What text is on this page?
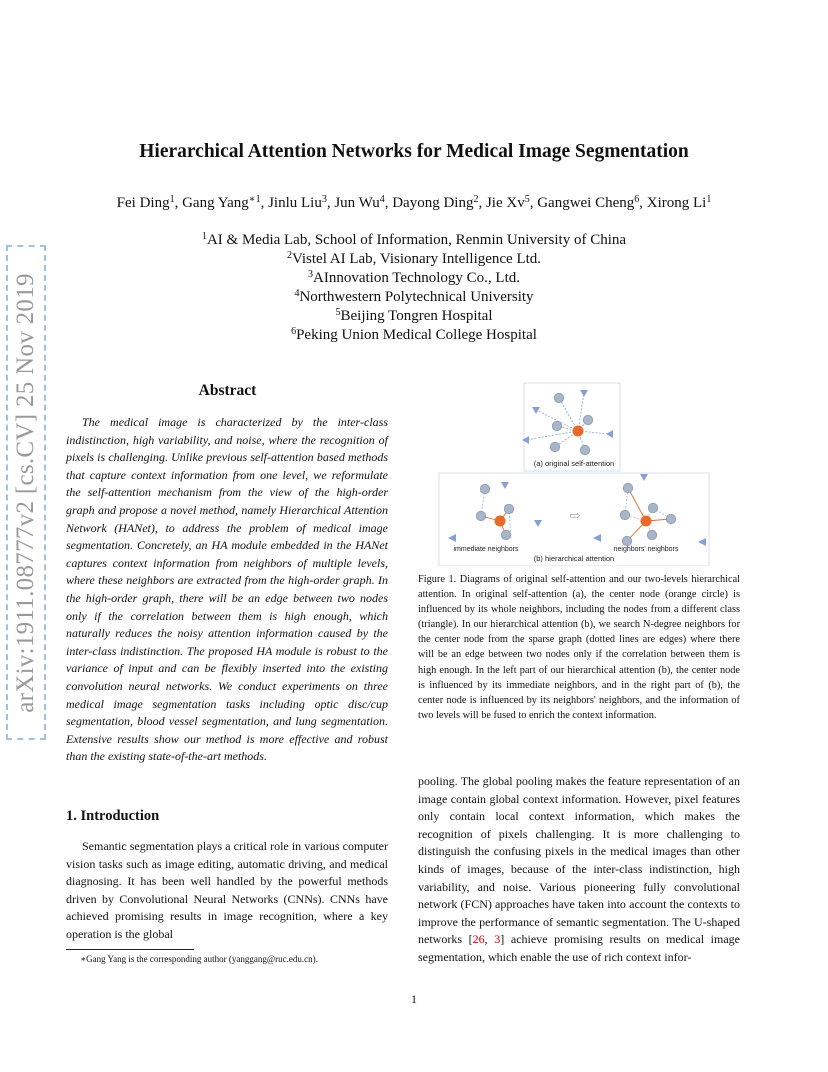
arXiv:1911.08777v2 [cs.CV] 25 Nov 2019
Hierarchical Attention Networks for Medical Image Segmentation
Fei Ding$^1$, Gang Yang$^{∗1}$, Jinlu Liu$^3$, Jun Wu$^4$, Dayong Ding$^2$, Jie Xv$^5$, Gangwei Cheng$^6$, Xirong Li$^1$
$^1$AI & Media Lab, School of Information, Renmin University of China
$^2$Vistel AI Lab, Visionary Intelligence Ltd.
$^3$AInnovation Technology Co., Ltd.
$^4$Northwestern Polytechnical University
$^5$Beijing Tongren Hospital
$^6$Peking Union Medical College Hospital
Abstract

The medical image is characterized by the inter-class indistinction, high variability, and noise, where the recognition of pixels is challenging. Unlike previous self-attention based methods that capture context information from one level, we reformulate the self-attention mechanism from the view of the high-order graph and propose a novel method, namely Hierarchical Attention Network (HANet), to address the problem of medical image segmentation. Concretely, an HA module embedded in the HANet captures context information from neighbors of multiple levels, where these neighbors are extracted from the high-order graph. In the high-order graph, there will be an edge between two nodes only if the correlation between them is high enough, which naturally reduces the noisy attention information caused by the inter-class indistinction. The proposed HA module is robust to the variance of input and can be flexibly inserted into the existing convolution neural networks. We conduct experiments on three medical image segmentation tasks including optic disc/cup segmentation, blood vessel segmentation, and lung segmentation. Extensive results show our method is more effective and robust than the existing state-of-the-art methods.

1. Introduction

Semantic segmentation plays a critical role in various computer vision tasks such as image editing, automatic driving, and medical diagnosing. It has been well handled by the powerful methods driven by Convolutional Neural Networks (CNNs). CNNs have achieved promising results in image recognition, where a key operation is the global

∗Gang Yang is the corresponding author (yanggang@ruc.edu.cn).
(a) original self-attention
immediate neighbors
⇨
neighbors' neighbors
(b) hierarchical attention

Figure 1. Diagrams of original self-attention and our two-levels hierarchical attention. In original self-attention (a), the center node (orange circle) is influenced by its whole neighbors, including the nodes from a different class (triangle). In our hierarchical attention (b), we search N-degree neighbors for the center node from the sparse graph (dotted lines are edges) where there will be an edge between two nodes only if the correlation between them is high enough. In the left part of our hierarchical attention (b), the center node is influenced by its immediate neighbors, and in the right part of (b), the center node is influenced by its neighbors' neighbors, and the information of two levels will be fused to enrich the context information.

pooling. The global pooling makes the feature representation of an image contain global context information. However, pixel features only contain local context information, which makes the recognition of pixels challenging. It is more challenging to distinguish the confusing pixels in the medical images than other kinds of images, because of the inter-class indistinction, high variability, and noise. Various pioneering fully convolutional network (FCN) approaches have taken into account the contexts to improve the performance of semantic segmentation. The U-shaped networks [26, 3] achieve promising results on medical image segmentation, which enable the use of rich context infor-

1
